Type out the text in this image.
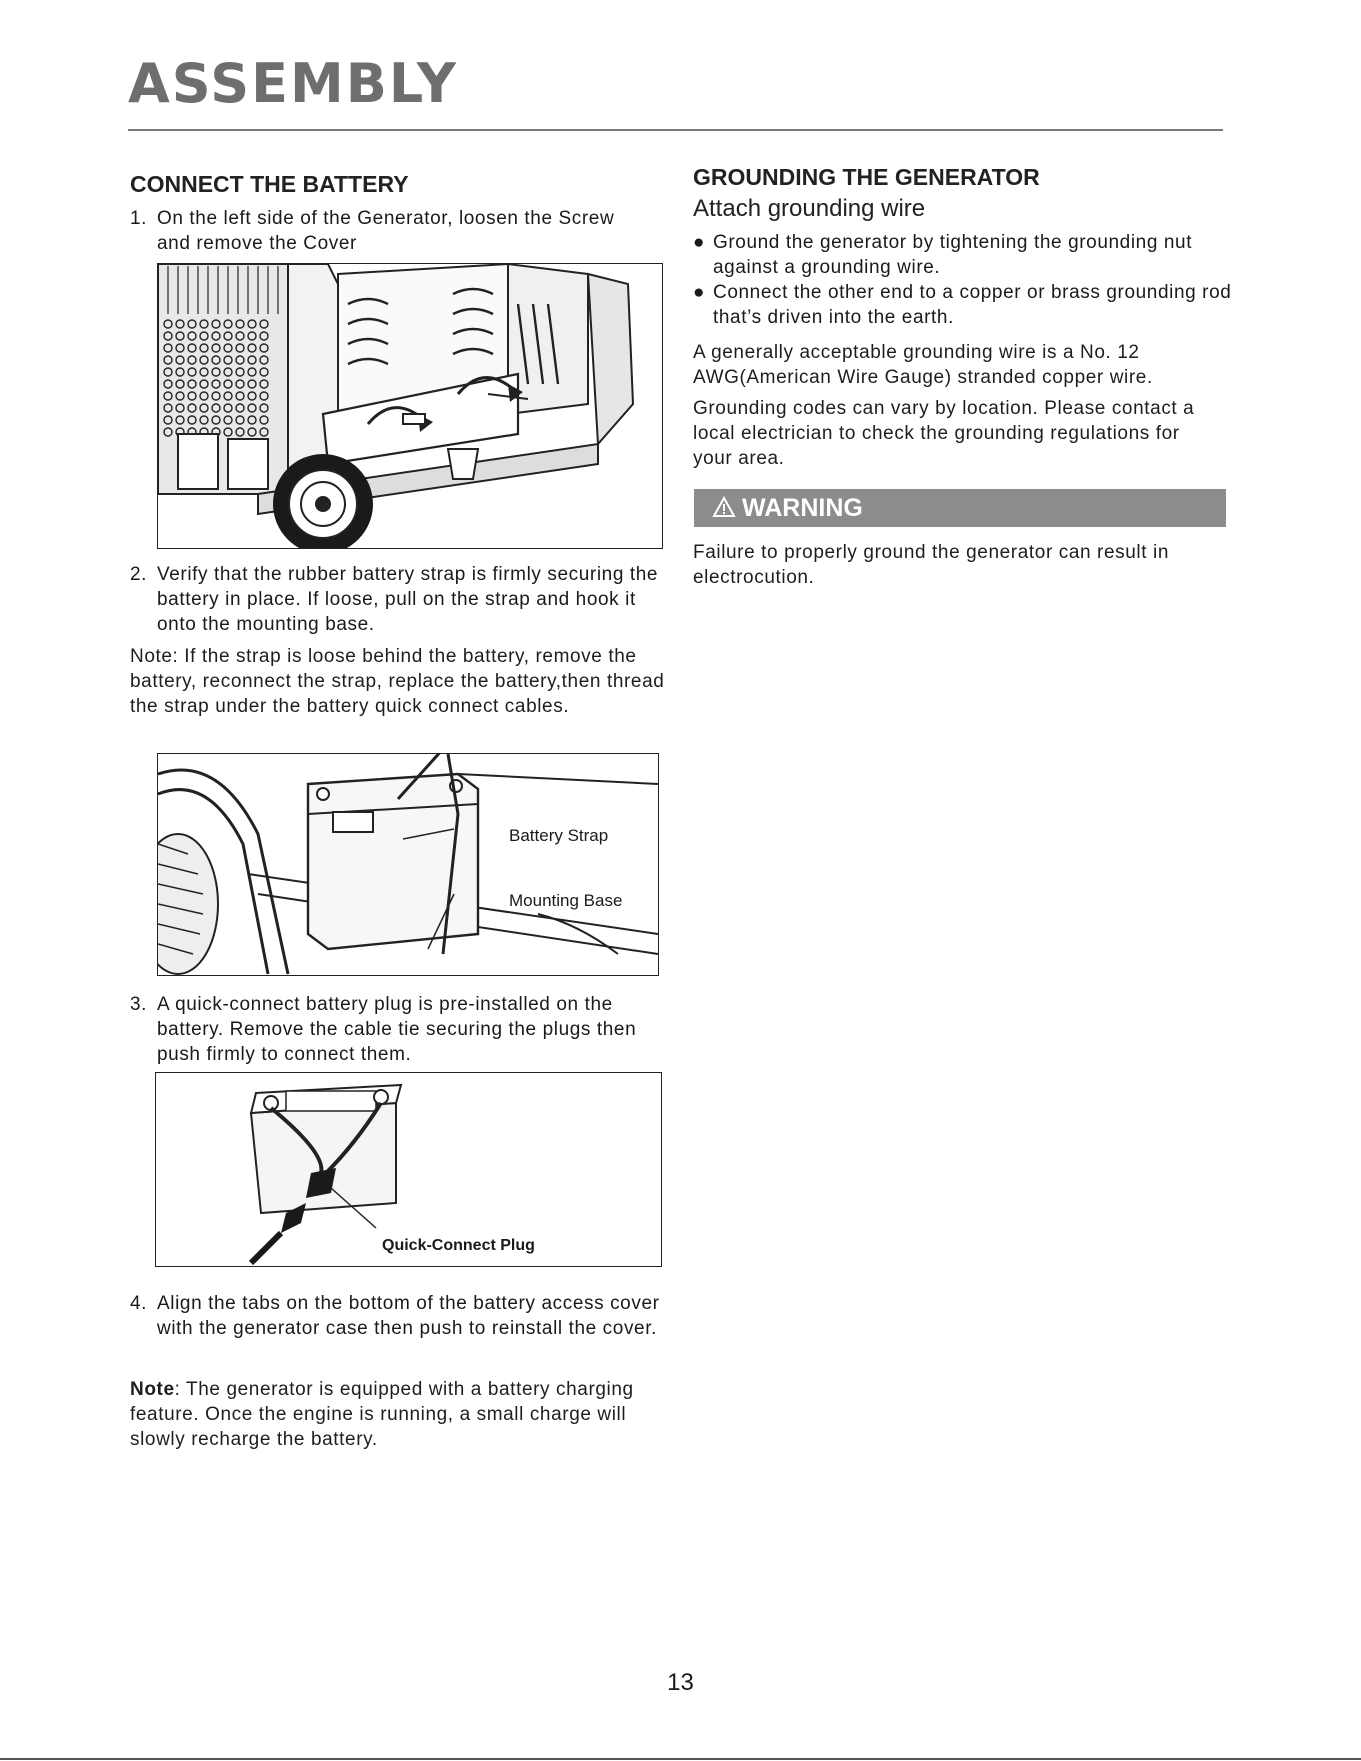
ASSEMBLY
CONNECT THE BATTERY
1. On the left side of the Generator, loosen the Screw and remove the Cover
2. Verify that the rubber battery strap is firmly securing the battery in place. If loose, pull on the strap and hook it onto the mounting base.
Note: If the strap is loose behind the battery, remove the battery, reconnect the strap, replace the battery,then thread the strap under the battery quick connect cables.
Battery Strap
Mounting Base
3. A quick-connect battery plug is pre-installed on the battery. Remove the cable tie securing the plugs then push firmly to connect them.
Quick-Connect Plug
4. Align the tabs on the bottom of the battery access cover with the generator case then push to reinstall the cover.
Note: The generator is equipped with a battery charging feature. Once the engine is running, a small charge will slowly recharge the battery.
GROUNDING THE GENERATOR
Attach grounding wire
● Ground the generator by tightening the grounding nut against a grounding wire.
● Connect the other end to a copper or brass grounding rod that’s driven into the earth.
A generally acceptable grounding wire is a No. 12 AWG(American Wire Gauge) stranded copper wire.
Grounding codes can vary by location. Please contact a local electrician to check the grounding regulations for your area.
WARNING
Failure to properly ground the generator can result in electrocution.
13
